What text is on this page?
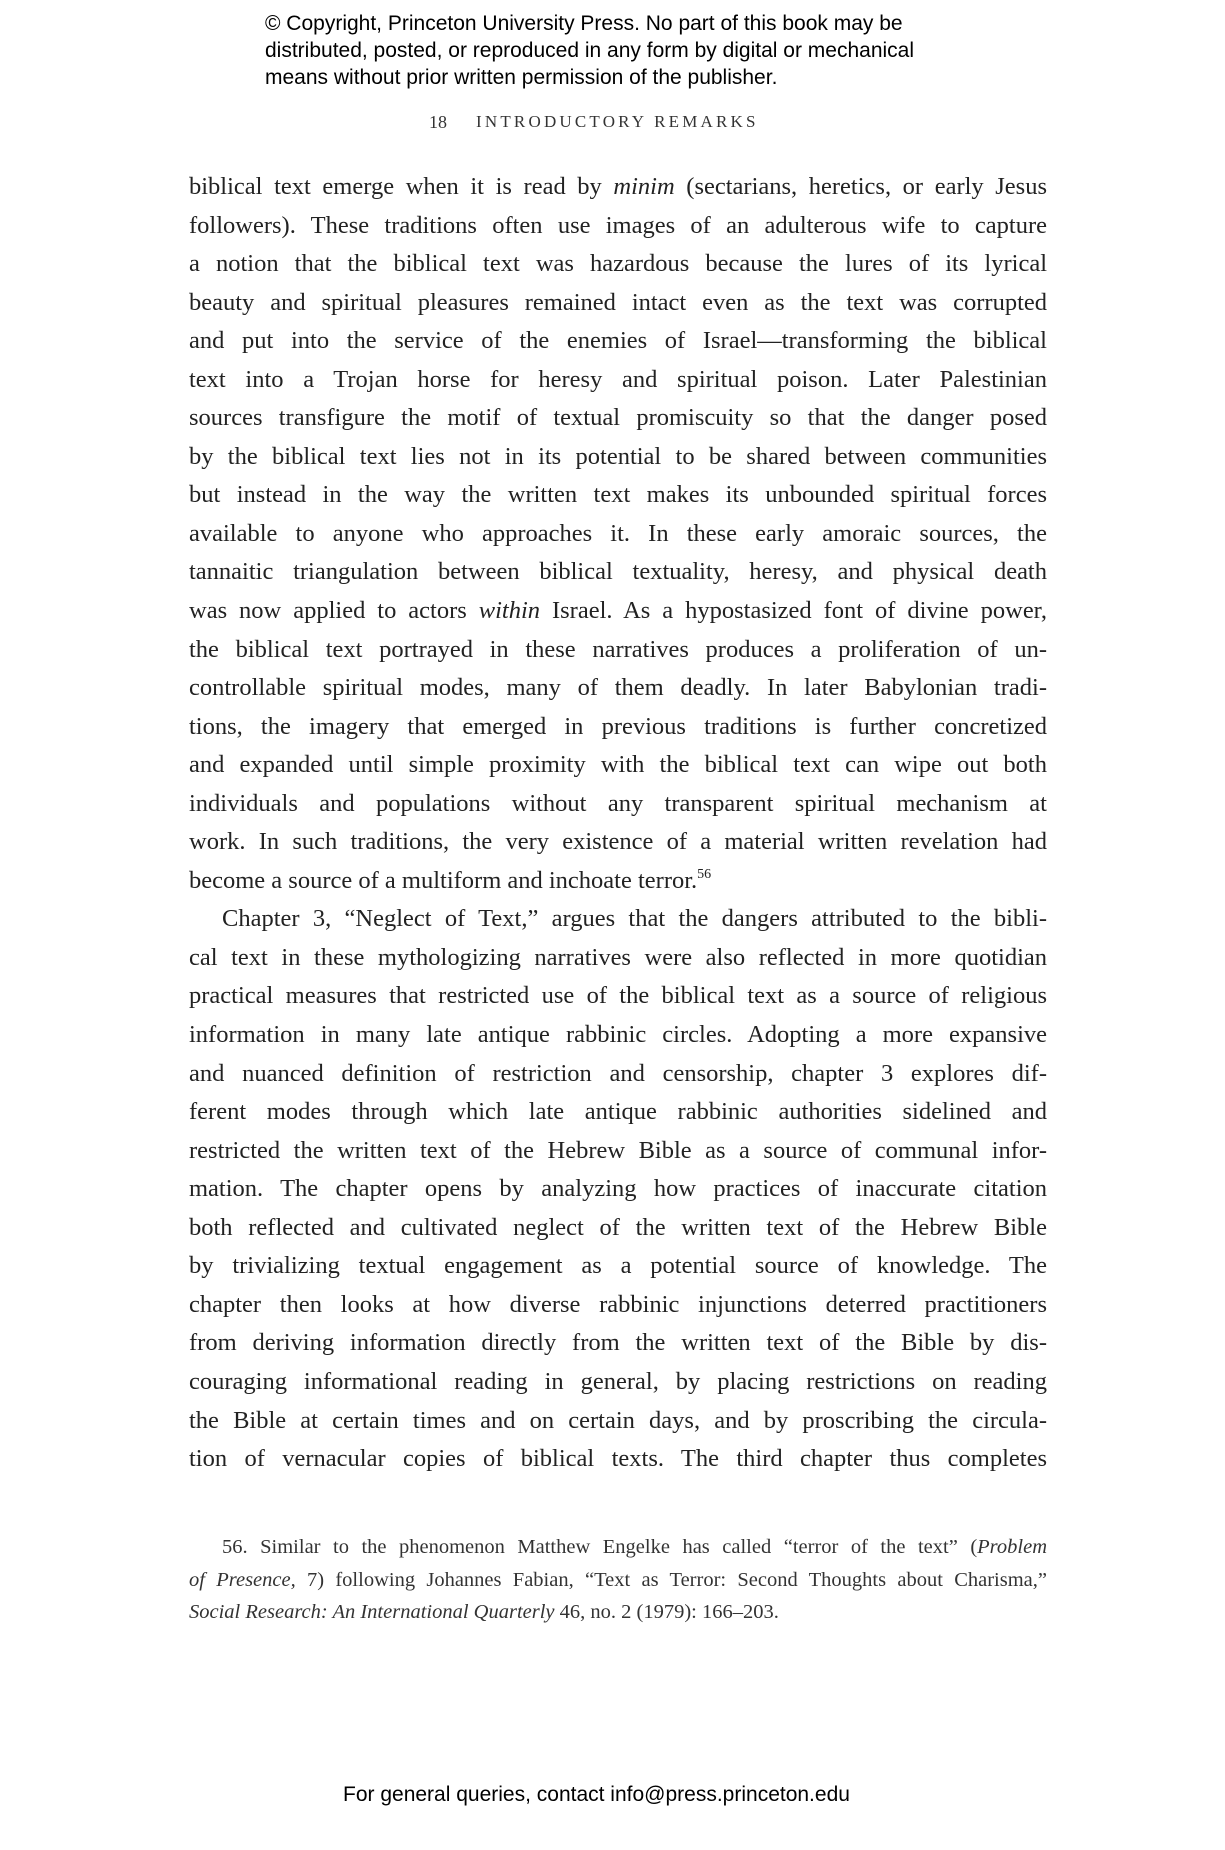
© Copyright, Princeton University Press. No part of this book may be
distributed, posted, or reproduced in any form by digital or mechanical
means without prior written permission of the publisher.
18 INTRODUCTORY REMARKS
biblical text emerge when it is read by minim (sectarians, heretics, or early Jesus
followers). These traditions often use images of an adulterous wife to capture
a notion that the biblical text was hazardous because the lures of its lyrical
beauty and spiritual pleasures remained intact even as the text was corrupted
and put into the service of the enemies of Israel—transforming the biblical
text into a Trojan horse for heresy and spiritual poison. Later Palestinian
sources transfigure the motif of textual promiscuity so that the danger posed
by the biblical text lies not in its potential to be shared between communities
but instead in the way the written text makes its unbounded spiritual forces
available to anyone who approaches it. In these early amoraic sources, the
tannaitic triangulation between biblical textuality, heresy, and physical death
was now applied to actors within Israel. As a hypostasized font of divine power,
the biblical text portrayed in these narratives produces a proliferation of un-
controllable spiritual modes, many of them deadly. In later Babylonian tradi-
tions, the imagery that emerged in previous traditions is further concretized
and expanded until simple proximity with the biblical text can wipe out both
individuals and populations without any transparent spiritual mechanism at
work. In such traditions, the very existence of a material written revelation had
become a source of a multiform and inchoate terror.$^{56}$
Chapter 3, “Neglect of Text,” argues that the dangers attributed to the bibli-
cal text in these mythologizing narratives were also reflected in more quotidian
practical measures that restricted use of the biblical text as a source of religious
information in many late antique rabbinic circles. Adopting a more expansive
and nuanced definition of restriction and censorship, chapter 3 explores dif-
ferent modes through which late antique rabbinic authorities sidelined and
restricted the written text of the Hebrew Bible as a source of communal infor-
mation. The chapter opens by analyzing how practices of inaccurate citation
both reflected and cultivated neglect of the written text of the Hebrew Bible
by trivializing textual engagement as a potential source of knowledge. The
chapter then looks at how diverse rabbinic injunctions deterred practitioners
from deriving information directly from the written text of the Bible by dis-
couraging informational reading in general, by placing restrictions on reading
the Bible at certain times and on certain days, and by proscribing the circula-
tion of vernacular copies of biblical texts. The third chapter thus completes
56. Similar to the phenomenon Matthew Engelke has called “terror of the text” (Problem
of Presence, 7) following Johannes Fabian, “Text as Terror: Second Thoughts about Charisma,”
Social Research: An International Quarterly 46, no. 2 (1979): 166–203.
For general queries, contact info@press.princeton.edu
